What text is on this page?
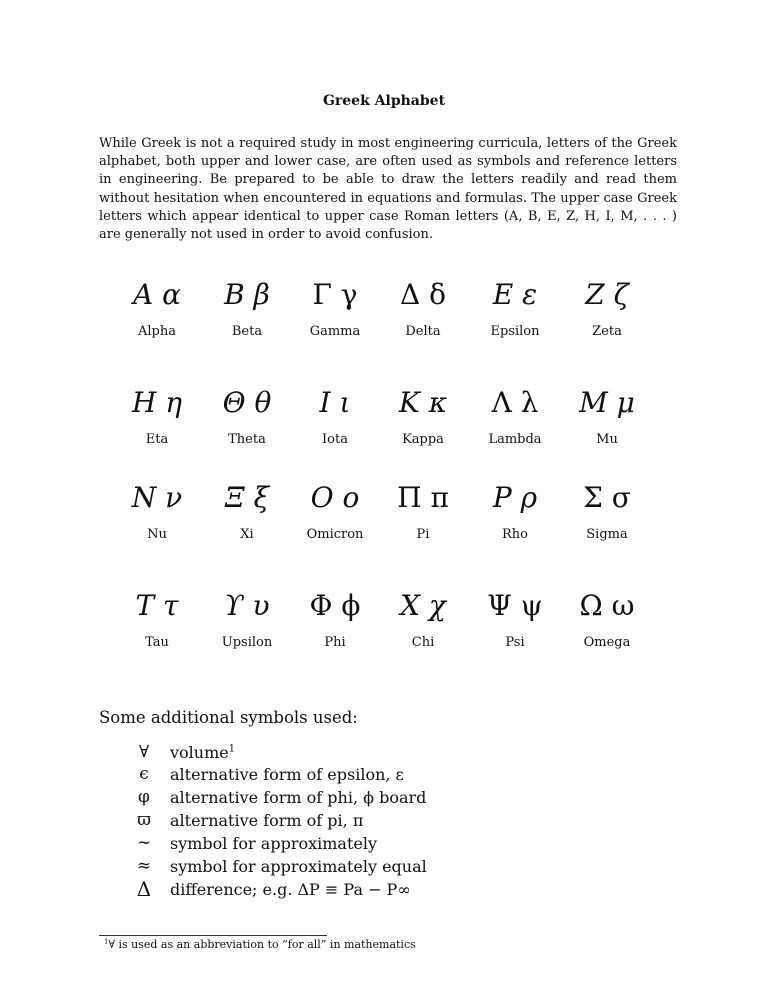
Greek Alphabet
While Greek is not a required study in most engineering curricula, letters of the Greek alphabet, both upper and lower case, are often used as symbols and reference letters in engineering. Be prepared to be able to draw the letters readily and read them without hesitation when encountered in equations and formulas. The upper case Greek letters which appear identical to upper case Roman letters (A, B, E, Z, H, I, M, . . . ) are generally not used in order to avoid confusion.
A α
Alpha
B β
Beta
Γ γ
Gamma
Δ δ
Delta
E ε
Epsilon
Z ζ
Zeta
H η
Eta
Θ θ
Theta
I ι
Iota
K κ
Kappa
Λ λ
Lambda
M μ
Mu
N ν
Nu
Ξ ξ
Xi
O o
Omicron
Π π
Pi
P ρ
Rho
Σ σ
Sigma
T τ
Tau
ϒ υ
Upsilon
Φ ϕ
Phi
X χ
Chi
Ψ ψ
Psi
Ω ω
Omega
Some additional symbols used:
∀	volume$^1$
ϵ	alternative form of epsilon, ε
φ	alternative form of phi, ϕ board
ϖ	alternative form of pi, π
∼	symbol for approximately
≈	symbol for approximately equal
Δ	difference; e.g. ΔP ≡ Pa − P∞
$^1$∀ is used as an abbreviation to “for all” in mathematics
